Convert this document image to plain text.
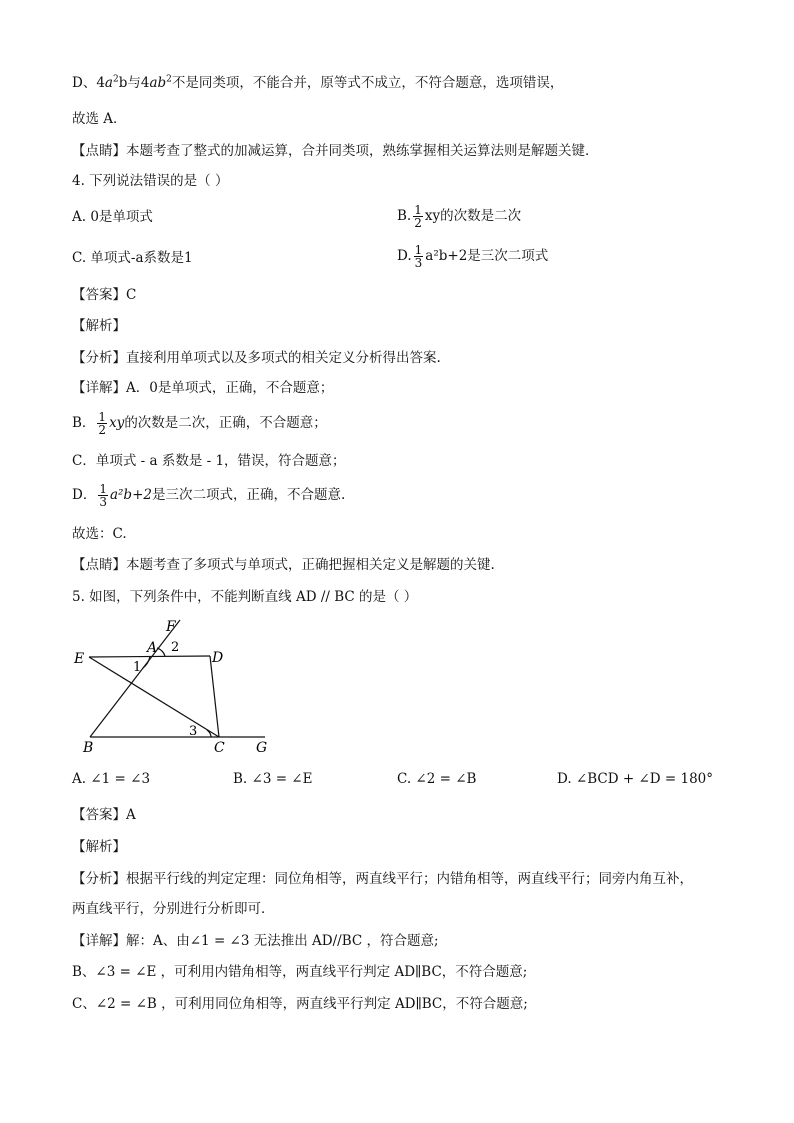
D、$4a^2b$与$4ab^2$不是同类项，不能合并，原等式不成立，不符合题意，选项错误，
故选 A．
【点睛】本题考查了整式的加减运算，合并同类项，熟练掌握相关运算法则是解题关键．
4. 下列说法错误的是（ ）
A. 0是单项式	B. $\frac{1}{2}$ xy的次数是二次
C. 单项式-a系数是1	D. $\frac{1}{3} a^2b+2$是三次二项式
【答案】C
【解析】
【分析】直接利用单项式以及多项式的相关定义分析得出答案.
【详解】A．0是单项式，正确，不合题意；
B． $\frac{1}{2}$ xy的次数是二次，正确，不合题意；
C．单项式 - a 系数是 - 1，错误，符合题意；
D． $\frac{1}{3} a^2b+2$是三次二项式，正确，不合题意.
故选：C.
【点睛】本题考查了多项式与单项式，正确把握相关定义是解题的关键.
5. 如图，下列条件中，不能判断直线 AD // BC 的是（ ）
E
F
A 2
D
1
3
B	C G
A. ∠1 = ∠3	B. ∠3 = ∠E	C. ∠2 = ∠B	D. ∠BCD + ∠D = 180°
【答案】A
【解析】
【分析】根据平行线的判定定理：同位角相等，两直线平行；内错角相等，两直线平行；同旁内角互补，
两直线平行，分别进行分析即可．
【详解】解：A、由∠1 = ∠3 无法推出 AD//BC ，符合题意;
B、∠3 = ∠E ，可利用内错角相等，两直线平行判定 AD∥BC，不符合题意;
C、∠2 = ∠B ，可利用同位角相等，两直线平行判定 AD∥BC，不符合题意;
